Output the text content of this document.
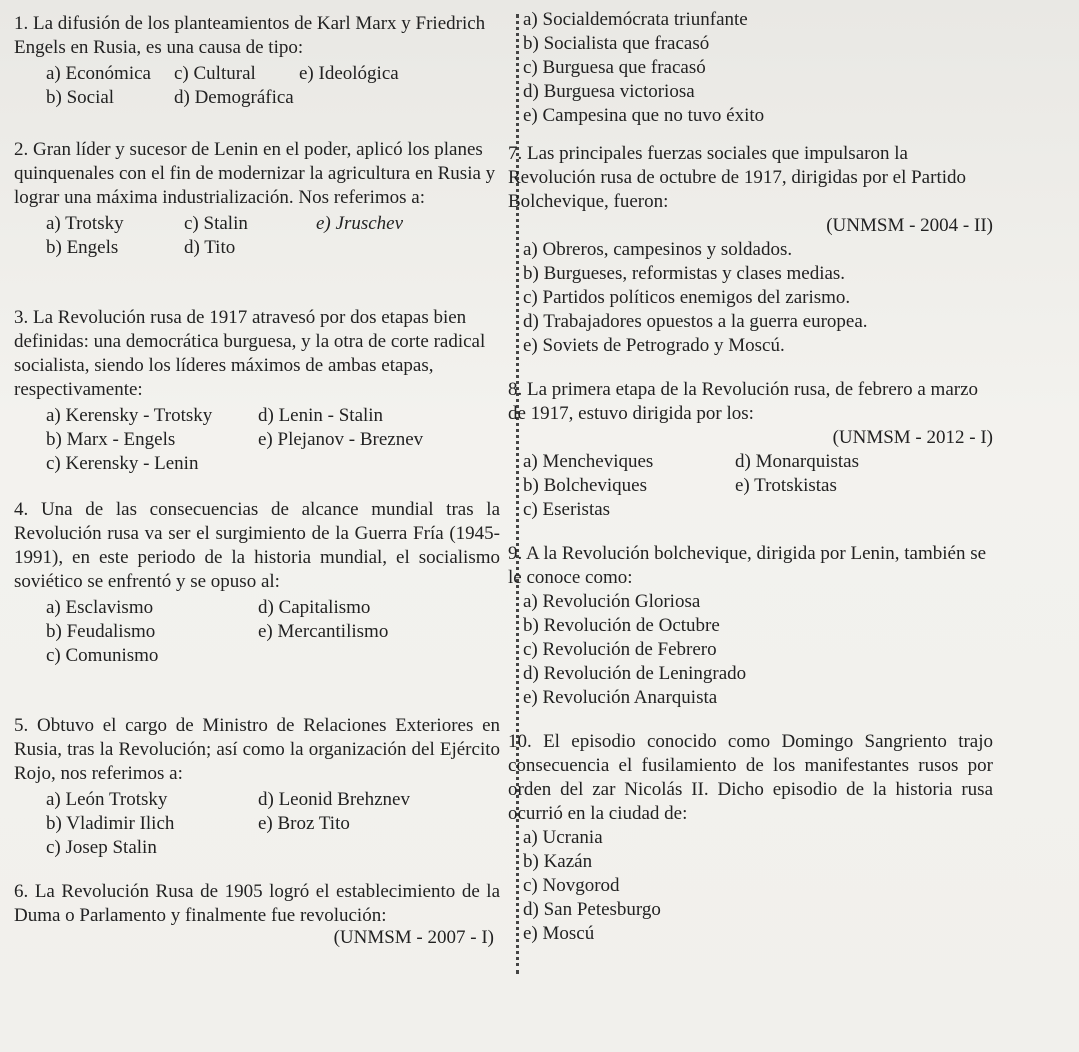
1. La difusión de los planteamientos de Karl Marx y Friedrich Engels en Rusia, es una causa de tipo:

a) Económica	c) Cultural	e) Ideológica
b) Social	d) Demográfica

2. Gran líder y sucesor de Lenin en el poder, aplicó los planes quinquenales con el fin de modernizar la agricultura en Rusia y lograr una máxima industrialización. Nos referimos a:

a) Trotsky	c) Stalin	e) Jruschev
b) Engels	d) Tito

3. La Revolución rusa de 1917 atravesó por dos etapas bien definidas: una democrática burguesa, y la otra de corte radical socialista, siendo los líderes máximos de ambas etapas, respectivamente:

a) Kerensky - Trotsky	d) Lenin - Stalin
b) Marx - Engels	e) Plejanov - Breznev
c) Kerensky - Lenin

4. Una de las consecuencias de alcance mundial tras la Revolución rusa va ser el surgimiento de la Guerra Fría (1945-1991), en este periodo de la historia mundial, el socialismo soviético se enfrentó y se opuso al:

a) Esclavismo	d) Capitalismo
b) Feudalismo	e) Mercantilismo
c) Comunismo

5. Obtuvo el cargo de Ministro de Relaciones Exteriores en Rusia, tras la Revolución; así como la organización del Ejército Rojo, nos referimos a:

a) León Trotsky	d) Leonid Brehznev
b) Vladimir Ilich	e) Broz Tito
c) Josep Stalin

6. La Revolución Rusa de 1905 logró el establecimiento de la Duma o Parlamento y finalmente fue revolución:

(UNMSM - 2007 - I)
a) Socialdemócrata triunfante
b) Socialista que fracasó
c) Burguesa que fracasó
d) Burguesa victoriosa
e) Campesina que no tuvo éxito

7. Las principales fuerzas sociales que impulsaron la Revolución rusa de octubre de 1917, dirigidas por el Partido Bolchevique, fueron:

(UNMSM - 2004 - II)
a) Obreros, campesinos y soldados.
b) Burgueses, reformistas y clases medias.
c) Partidos políticos enemigos del zarismo.
d) Trabajadores opuestos a la guerra europea.
e) Soviets de Petrogrado y Moscú.

8. La primera etapa de la Revolución rusa, de febrero a marzo de 1917, estuvo dirigida por los:

(UNMSM - 2012 - I)
a) Mencheviques	d) Monarquistas
b) Bolcheviques	e) Trotskistas
c) Eseristas

9. A la Revolución bolchevique, dirigida por Lenin, también se le conoce como:

a) Revolución Gloriosa
b) Revolución de Octubre
c) Revolución de Febrero
d) Revolución de Leningrado
e) Revolución Anarquista

10. El episodio conocido como Domingo Sangriento trajo consecuencia el fusilamiento de los manifestantes rusos por orden del zar Nicolás II. Dicho episodio de la historia rusa ocurrió en la ciudad de:

a) Ucrania
b) Kazán
c) Novgorod
d) San Petesburgo
e) Moscú
